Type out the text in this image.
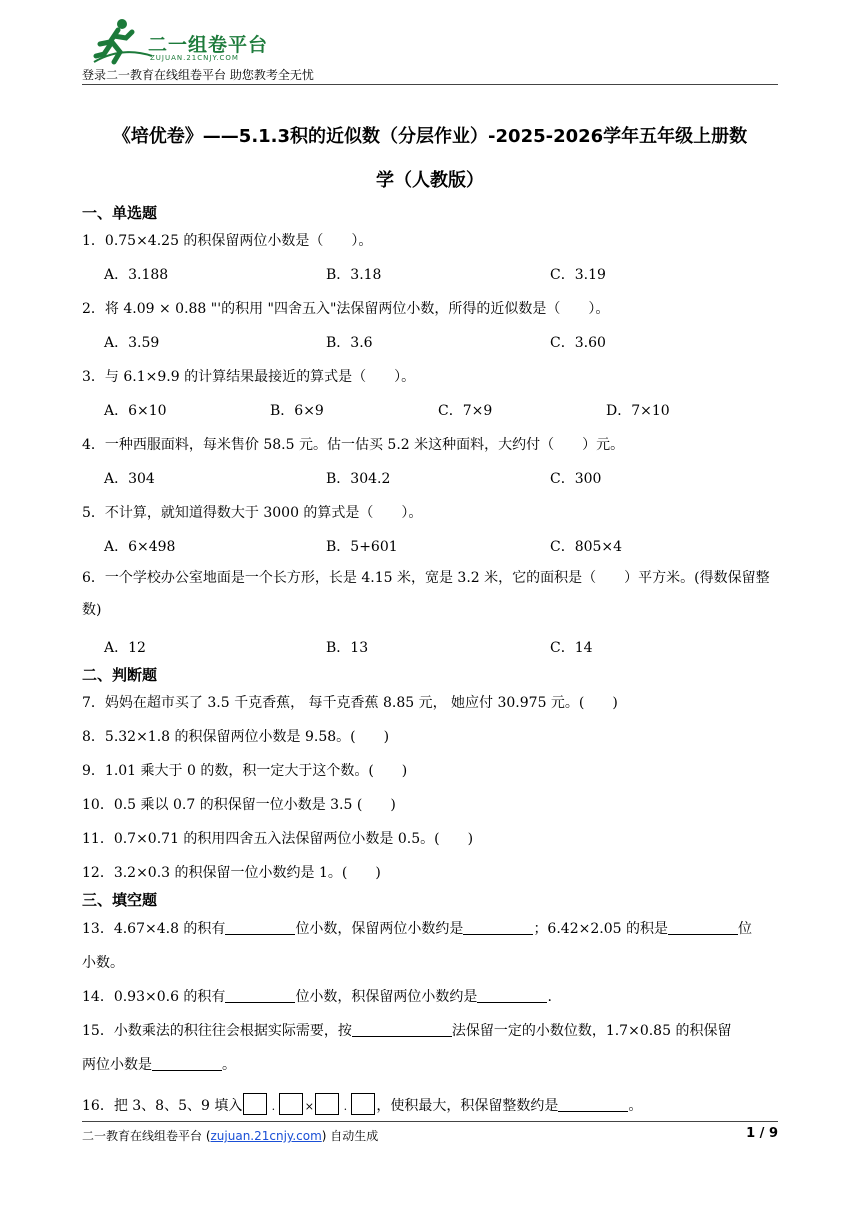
二一组卷平台
ZUJUAN.21CNJY.COM
登录二一教育在线组卷平台 助您教考全无忧
《培优卷》——5.1.3积的近似数（分层作业）-2025-2026学年五年级上册数
学（人教版）
一、单选题
1．0.75×4.25 的积保留两位小数是（　　）。
A．3.188	B．3.18	C．3.19
2．将 4.09 × 0.88 "'的积用 "四舍五入"法保留两位小数，所得的近似数是（　　）。
A．3.59	B．3.6	C．3.60
3．与 6.1×9.9 的计算结果最接近的算式是（　　）。
A．6×10	B．6×9	C．7×9	D．7×10
4．一种西服面料，每米售价 58.5 元。估一估买 5.2 米这种面料，大约付（　　）元。
A．304	B．304.2	C．300
5．不计算，就知道得数大于 3000 的算式是（　　）。
A．6×498	B．5+601	C．805×4
6．一个学校办公室地面是一个长方形，长是 4.15 米，宽是 3.2 米，它的面积是（　　）平方米。(得数保留整数)
A．12	B．13	C．14
二、判断题
7．妈妈在超市买了 3.5 千克香蕉， 每千克香蕉 8.85 元， 她应付 30.975 元。(　　)
8．5.32×1.8 的积保留两位小数是 9.58。(　　)
9．1.01 乘大于 0 的数，积一定大于这个数。(　　)
10．0.5 乘以 0.7 的积保留一位小数是 3.5 (　　)
11．0.7×0.71 的积用四舍五入法保留两位小数是 0.5。(　　)
12．3.2×0.3 的积保留一位小数约是 1。(　　)
三、填空题
13．4.67×4.8 的积有	位小数，保留两位小数约是	；6.42×2.05 的积是	位
小数。
14．0.93×0.6 的积有	位小数，积保留两位小数约是	.
15．小数乘法的积往往会根据实际需要，按	法保留一定的小数位数，1.7×0.85 的积保留
两位小数是	。
16．把 3、8、5、9 填入	.	×	. ，使积最大，积保留整数约是	。
二一教育在线组卷平台 (zujuan.21cnjy.com) 自动生成	1 / 9
